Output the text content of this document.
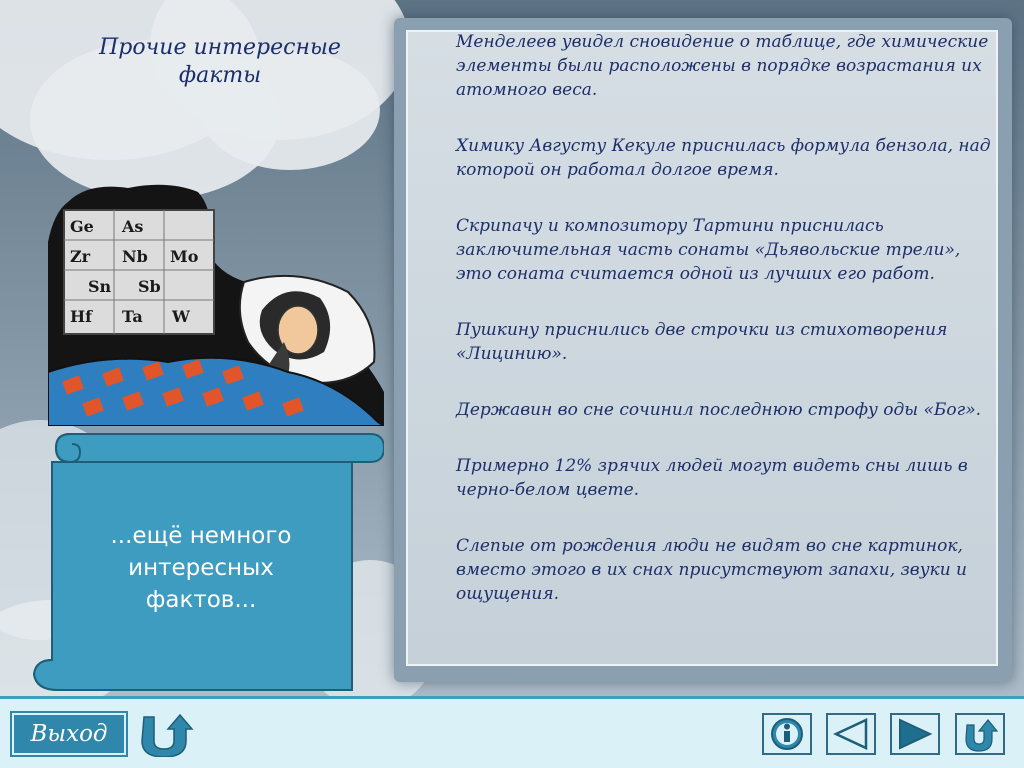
Прочие интересные факты
Ge As
Zr Nb Mo
Sn Sb
Hf Ta W
Менделеев увидел сновидение о таблице, где химические элементы были расположены в порядке возрастания их атомного веса.
Химику Августу Кекуле приснилась формула бензола, над которой он работал долгое время.
Скрипачу и композитору Тартини приснилась заключительная часть сонаты «Дьявольские трели», это соната считается одной из лучших его работ.
Пушкину приснились две строчки из стихотворения «Лицинию».
Державин во сне сочинил последнюю строфу оды «Бог».
Примерно 12% зрячих людей могут видеть сны лишь в черно-белом цвете.
Слепые от рождения люди не видят во сне картинок, вместо этого в их снах присутствуют запахи, звуки и ощущения.
...ещё немного интересных фактов...
Выход
